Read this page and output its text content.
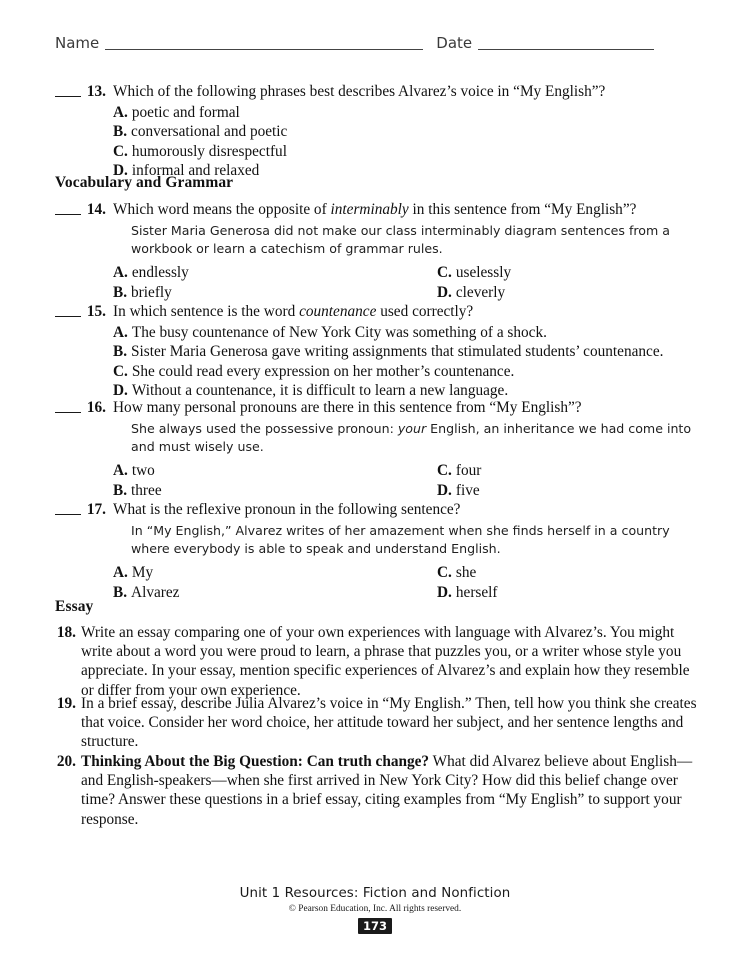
Name	Date
13. Which of the following phrases best describes Alvarez’s voice in “My English”?
A. poetic and formal
B. conversational and poetic
C. humorously disrespectful
D. informal and relaxed
Vocabulary and Grammar
14. Which word means the opposite of interminably in this sentence from “My English”?
Sister Maria Generosa did not make our class interminably diagram sentences from a workbook or learn a catechism of grammar rules.
A. endlessly	C. uselessly
B. briefly	D. cleverly
15. In which sentence is the word countenance used correctly?
A. The busy countenance of New York City was something of a shock.
B. Sister Maria Generosa gave writing assignments that stimulated students’ countenance.
C. She could read every expression on her mother’s countenance.
D. Without a countenance, it is difficult to learn a new language.
16. How many personal pronouns are there in this sentence from “My English”?
She always used the possessive pronoun: your English, an inheritance we had come into and must wisely use.
A. two	C. four
B. three	D. five
17. What is the reflexive pronoun in the following sentence?
In “My English,” Alvarez writes of her amazement when she finds herself in a country where everybody is able to speak and understand English.
A. My	C. she
B. Alvarez	D. herself
Essay
18. Write an essay comparing one of your own experiences with language with Alvarez’s. You might write about a word you were proud to learn, a phrase that puzzles you, or a writer whose style you appreciate. In your essay, mention specific experiences of Alvarez’s and explain how they resemble or differ from your own experience.
19. In a brief essay, describe Julia Alvarez’s voice in “My English.” Then, tell how you think she creates that voice. Consider her word choice, her attitude toward her subject, and her sentence lengths and structure.
20. Thinking About the Big Question: Can truth change? What did Alvarez believe about English—and English-speakers—when she first arrived in New York City? How did this belief change over time? Answer these questions in a brief essay, citing examples from “My English” to support your response.
Unit 1 Resources: Fiction and Nonfiction
© Pearson Education, Inc. All rights reserved.
173
